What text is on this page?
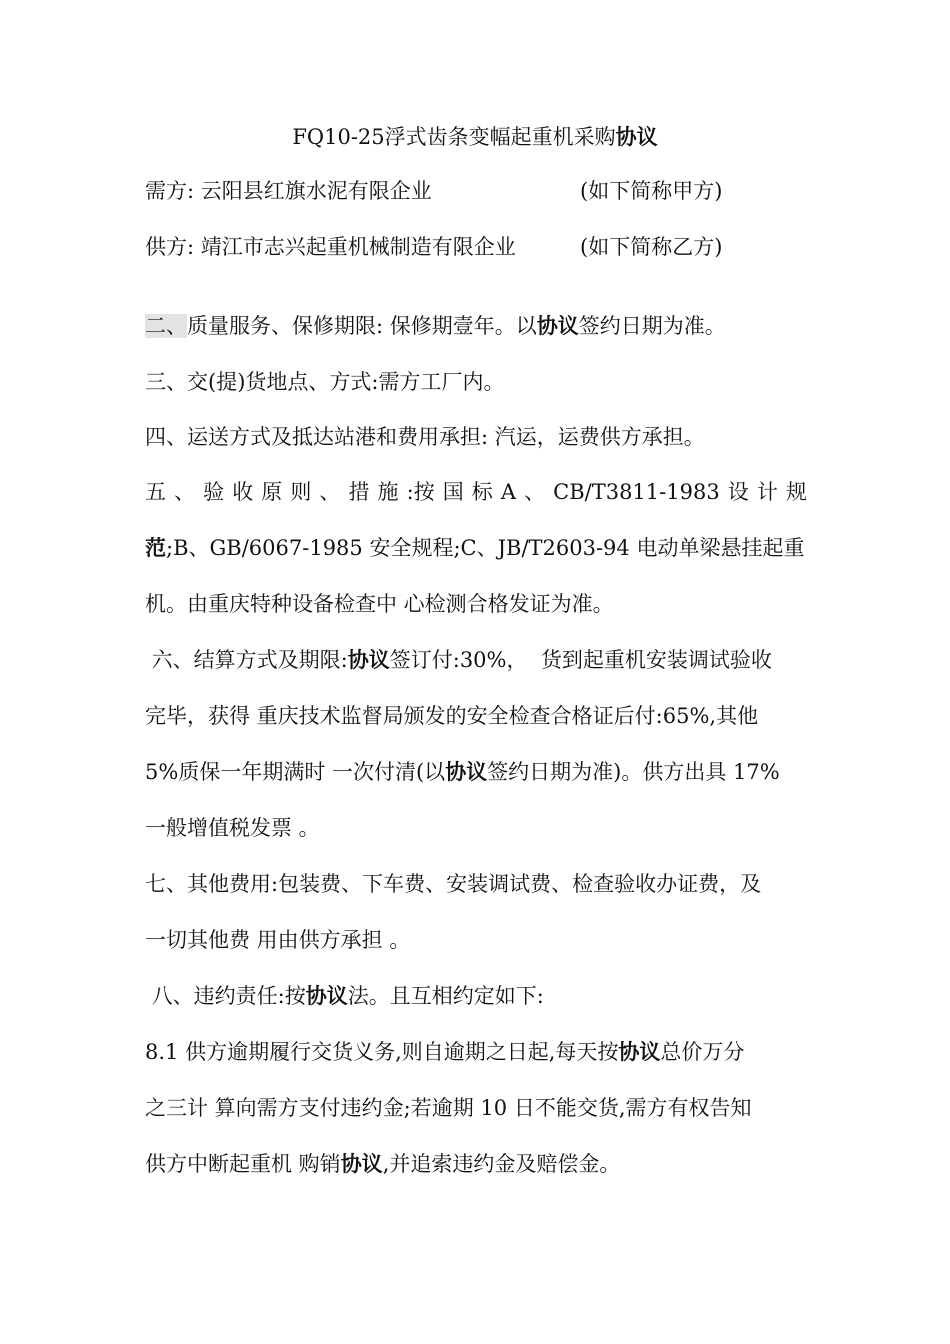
FQ10-25浮式齿条变幅起重机采购协议

需方: 云阳县红旗水泥有限企业	(如下简称甲方)

供方: 靖江市志兴起重机械制造有限企业	(如下简称乙方)

二、质量服务、保修期限: 保修期壹年。以协议签约日期为准。

三、交(提)货地点、方式:需方工厂内。

四、运送方式及抵达站港和费用承担: 汽运，运费供方承担。

五 、 验 收 原 则 、 措 施 :按 国 标 A 、 CB/T3811-1983 设 计 规

范;B、GB/6067-1985 安全规程;C、JB/T2603-94 电动单梁悬挂起重

机。由重庆特种设备检查中 心检测合格发证为准。

六、结算方式及期限:协议签订付:30%，  货到起重机安装调试验收

完毕，获得 重庆技术监督局颁发的安全检查合格证后付:65%,其他

5%质保一年期满时 一次付清(以协议签约日期为准)。供方出具 17%

一般增值税发票 。

七、其他费用:包装费、下车费、安装调试费、检查验收办证费，及

一切其他费 用由供方承担 。

八、违约责任:按协议法。且互相约定如下:

8.1 供方逾期履行交货义务,则自逾期之日起,每天按协议总价万分

之三计 算向需方支付违约金;若逾期 10 日不能交货,需方有权告知

供方中断起重机 购销协议,并追索违约金及赔偿金。
